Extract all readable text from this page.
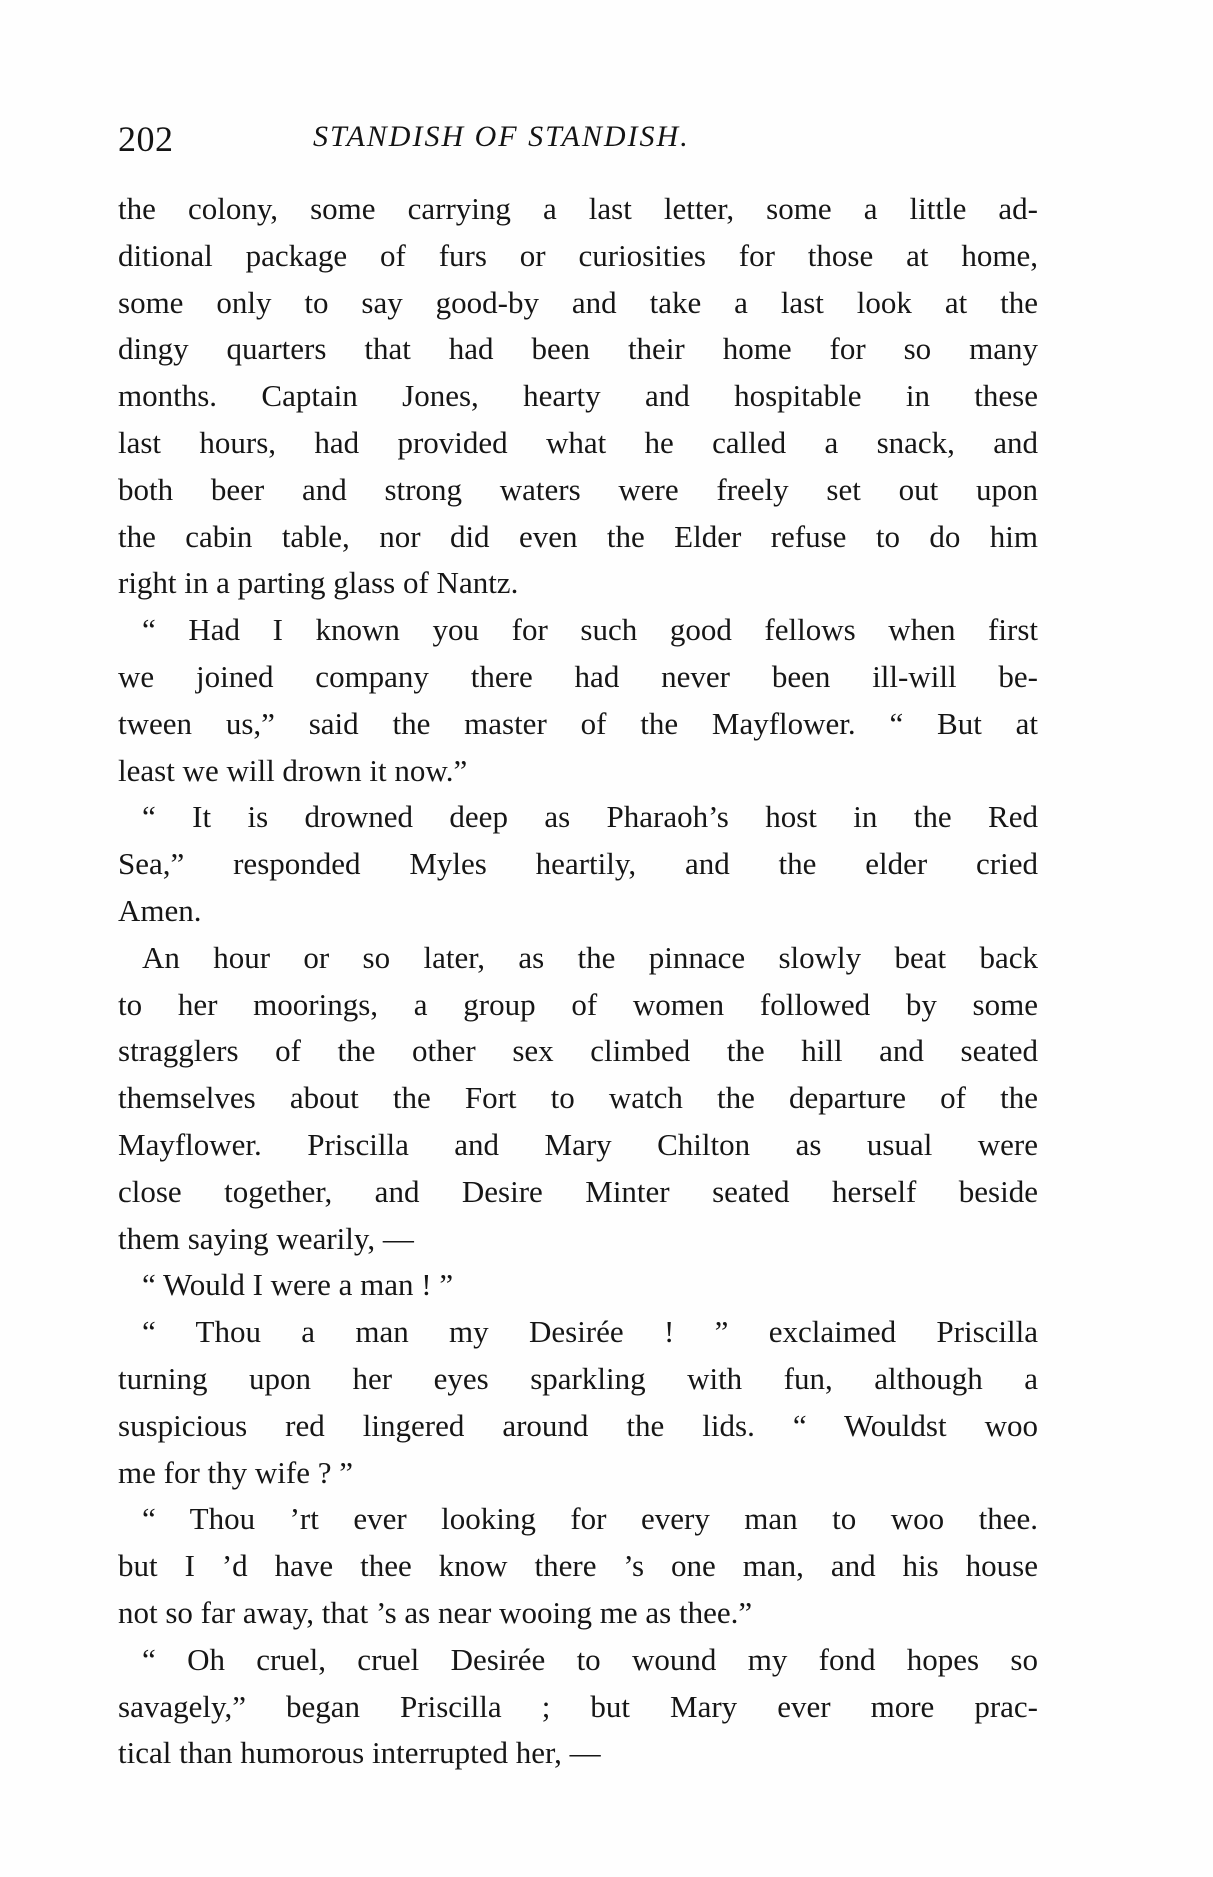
202	STANDISH OF STANDISH.
the colony, some carrying a last letter, some a little ad-
ditional package of furs or curiosities for those at home,
some only to say good-by and take a last look at the
dingy quarters that had been their home for so many
months. Captain Jones, hearty and hospitable in these
last hours, had provided what he called a snack, and
both beer and strong waters were freely set out upon
the cabin table, nor did even the Elder refuse to do him
right in a parting glass of Nantz.
“ Had I known you for such good fellows when first
we joined company there had never been ill-will be-
tween us,” said the master of the Mayflower. “ But at
least we will drown it now.”
“ It is drowned deep as Pharaoh’s host in the Red
Sea,” responded Myles heartily, and the elder cried
Amen.
An hour or so later, as the pinnace slowly beat back
to her moorings, a group of women followed by some
stragglers of the other sex climbed the hill and seated
themselves about the Fort to watch the departure of the
Mayflower. Priscilla and Mary Chilton as usual were
close together, and Desire Minter seated herself beside
them saying wearily, —
“ Would I were a man ! ”
“ Thou a man my Desirée ! ” exclaimed Priscilla
turning upon her eyes sparkling with fun, although a
suspicious red lingered around the lids. “ Wouldst woo
me for thy wife ? ”
“ Thou ’rt ever looking for every man to woo thee.
but I ’d have thee know there ’s one man, and his house
not so far away, that ’s as near wooing me as thee.”
“ Oh cruel, cruel Desirée to wound my fond hopes so
savagely,” began Priscilla ; but Mary ever more prac-
tical than humorous interrupted her, —
